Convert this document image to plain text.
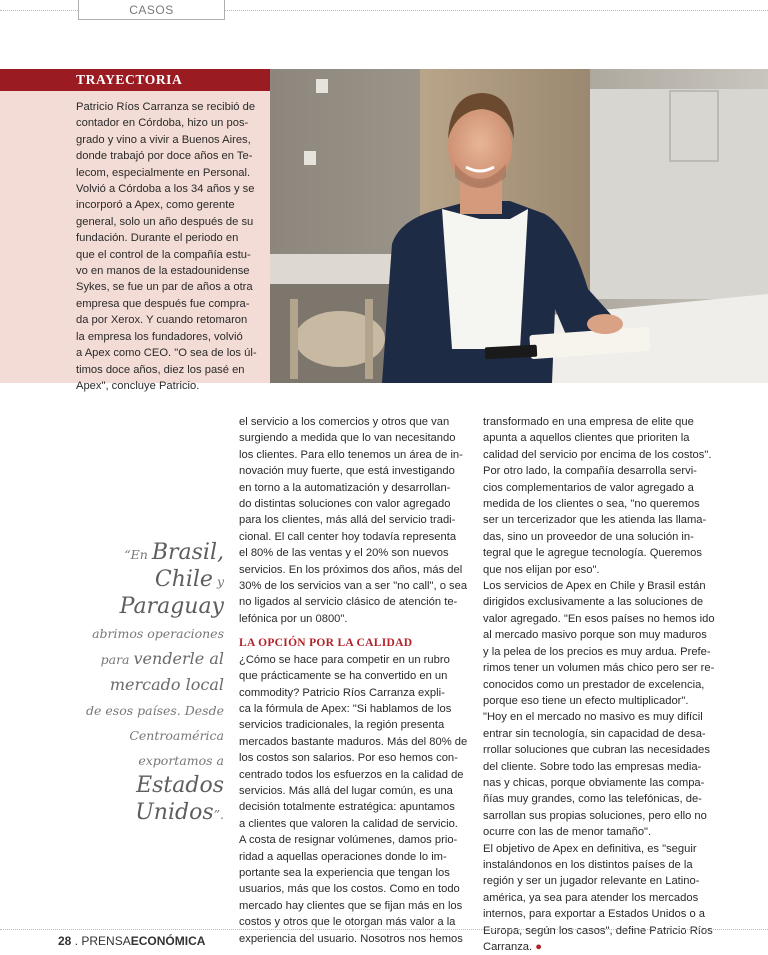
CASOS
TRAYECTORIA
Patricio Ríos Carranza se recibió de
contador en Córdoba, hizo un pos-
grado y vino a vivir a Buenos Aires,
donde trabajó por doce años en Te-
lecom, especialmente en Personal.
Volvió a Córdoba a los 34 años y se
incorporó a Apex, como gerente
general, solo un año después de su
fundación. Durante el periodo en
que el control de la compañía estu-
vo en manos de la estadounidense
Sykes, se fue un par de años a otra
empresa que después fue compra-
da por Xerox. Y cuando retomaron
la empresa los fundadores, volvió
a Apex como CEO. "O sea de los úl-
timos doce años, diez los pasé en
Apex", concluye Patricio.
“En Brasil,
Chile y
Paraguay
abrimos operaciones
para venderle al
mercado local
de esos países. Desde
Centroamérica
exportamos a
Estados
Unidos”.
el servicio a los comercios y otros que van
surgiendo a medida que lo van necesitando
los clientes. Para ello tenemos un área de in-
novación muy fuerte, que está investigando
en torno a la automatización y desarrollan-
do distintas soluciones con valor agregado
para los clientes, más allá del servicio tradi-
cional. El call center hoy todavía representa
el 80% de las ventas y el 20% son nuevos
servicios. En los próximos dos años, más del
30% de los servicios van a ser "no call", o sea
no ligados al servicio clásico de atención te-
lefónica por un 0800".
LA OPCIÓN POR LA CALIDAD
¿Cómo se hace para competir en un rubro
que prácticamente se ha convertido en un
commodity? Patricio Ríos Carranza expli-
ca la fórmula de Apex: "Si hablamos de los
servicios tradicionales, la región presenta
mercados bastante maduros. Más del 80% de
los costos son salarios. Por eso hemos con-
centrado todos los esfuerzos en la calidad de
servicios. Más allá del lugar común, es una
decisión totalmente estratégica: apuntamos
a clientes que valoren la calidad de servicio.
A costa de resignar volúmenes, damos prio-
ridad a aquellas operaciones donde lo im-
portante sea la experiencia que tengan los
usuarios, más que los costos. Como en todo
mercado hay clientes que se fijan más en los
costos y otros que le otorgan más valor a la
experiencia del usuario. Nosotros nos hemos
transformado en una empresa de elite que
apunta a aquellos clientes que prioriten la
calidad del servicio por encima de los costos".
Por otro lado, la compañía desarrolla servi-
cios complementarios de valor agregado a
medida de los clientes o sea, "no queremos
ser un tercerizador que les atienda las llama-
das, sino un proveedor de una solución in-
tegral que le agregue tecnología. Queremos
que nos elijan por eso".
Los servicios de Apex en Chile y Brasil están
dirigidos exclusivamente a las soluciones de
valor agregado. "En esos países no hemos ido
al mercado masivo porque son muy maduros
y la pelea de los precios es muy ardua. Prefe-
rimos tener un volumen más chico pero ser re-
conocidos como un prestador de excelencia,
porque eso tiene un efecto multiplicador".
"Hoy en el mercado no masivo es muy difícil
entrar sin tecnología, sin capacidad de desa-
rrollar soluciones que cubran las necesidades
del cliente. Sobre todo las empresas media-
nas y chicas, porque obviamente las compa-
ñías muy grandes, como las telefónicas, de-
sarrollan sus propias soluciones, pero ello no
ocurre con las de menor tamaño".
El objetivo de Apex en definitiva, es "seguir
instalándonos en los distintos países de la
región y ser un jugador relevante en Latino-
américa, ya sea para atender los mercados
internos, para exportar a Estados Unidos o a
Europa, según los casos", define Patricio Ríos
Carranza. ●
28 . PRENSAECONÓMICA
